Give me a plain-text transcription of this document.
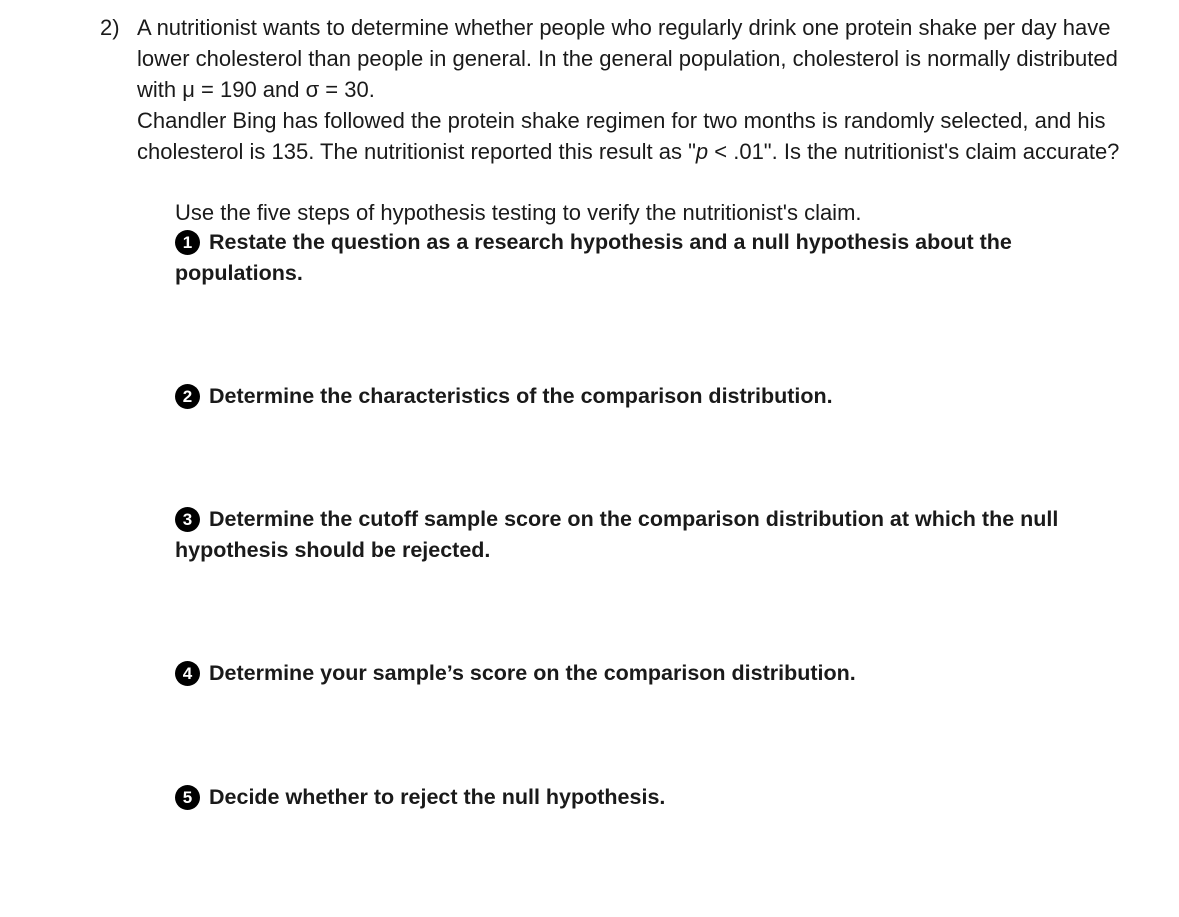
2) A nutritionist wants to determine whether people who regularly drink one protein shake per day have lower cholesterol than people in general. In the general population, cholesterol is normally distributed with μ = 190 and σ = 30.

Chandler Bing has followed the protein shake regimen for two months is randomly selected, and his cholesterol is 135. The nutritionist reported this result as "p < .01". Is the nutritionist's claim accurate?

Use the five steps of hypothesis testing to verify the nutritionist's claim.

1 Restate the question as a research hypothesis and a null hypothesis about the populations.
2 Determine the characteristics of the comparison distribution.
3 Determine the cutoff sample score on the comparison distribution at which the null hypothesis should be rejected.
4 Determine your sample’s score on the comparison distribution.
5 Decide whether to reject the null hypothesis.
